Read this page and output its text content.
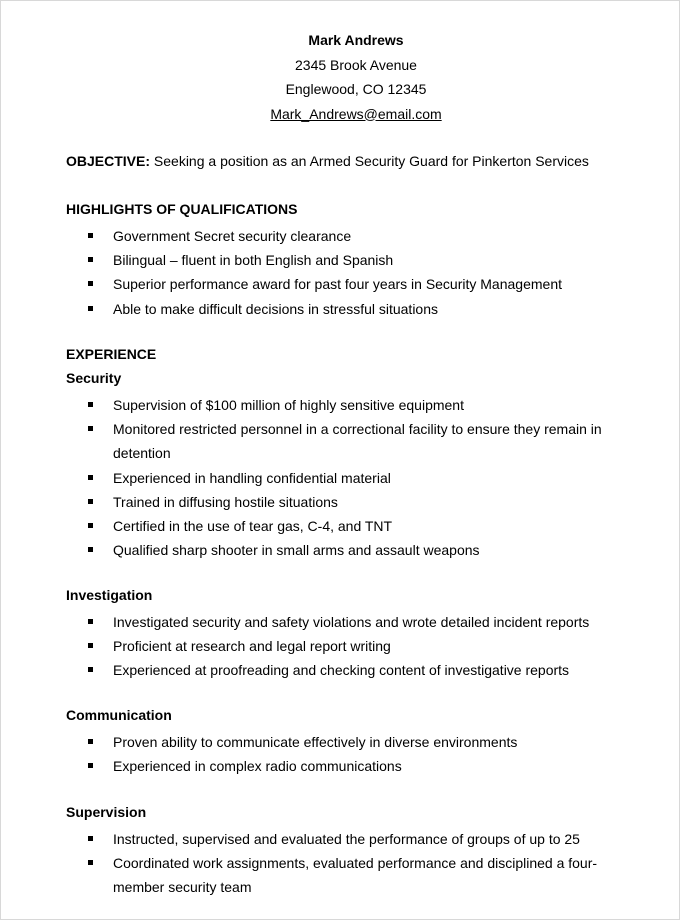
Mark Andrews
2345 Brook Avenue
Englewood, CO 12345
Mark_Andrews@email.com
OBJECTIVE: Seeking a position as an Armed Security Guard for Pinkerton Services
HIGHLIGHTS OF QUALIFICATIONS
Government Secret security clearance
Bilingual – fluent in both English and Spanish
Superior performance award for past four years in Security Management
Able to make difficult decisions in stressful situations
EXPERIENCE
Security
Supervision of $100 million of highly sensitive equipment
Monitored restricted personnel in a correctional facility to ensure they remain in detention
Experienced in handling confidential material
Trained in diffusing hostile situations
Certified in the use of tear gas, C-4, and TNT
Qualified sharp shooter in small arms and assault weapons
Investigation
Investigated security and safety violations and wrote detailed incident reports
Proficient at research and legal report writing
Experienced at proofreading and checking content of investigative reports
Communication
Proven ability to communicate effectively in diverse environments
Experienced in complex radio communications
Supervision
Instructed, supervised and evaluated the performance of groups of up to 25
Coordinated work assignments, evaluated performance and disciplined a four-member security team
